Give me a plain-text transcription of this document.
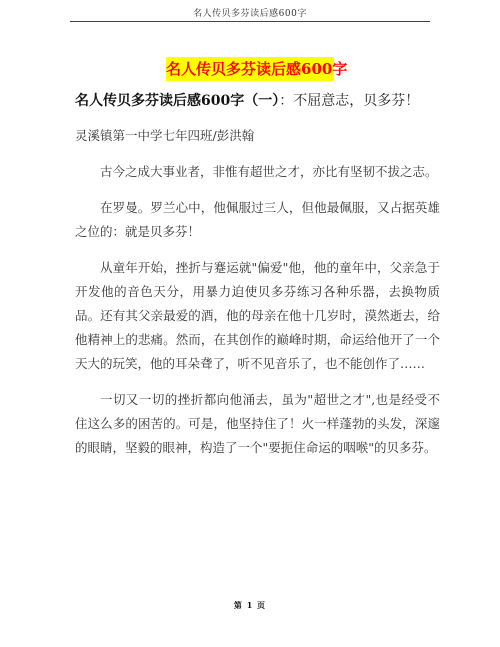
名人传贝多芬读后感600字
名人传贝多芬读后感600字

名人传贝多芬读后感600字（一）：不屈意志，贝多芬！

灵溪镇第一中学七年四班/彭洪翰

古今之成大事业者，非惟有超世之才，亦比有坚韧不拔之志。

在罗曼。罗兰心中，他佩服过三人，但他最佩服，又占据英雄之位的：就是贝多芬！

从童年开始，挫折与蹇运就"偏爱"他，他的童年中，父亲急于开发他的音色天分，用暴力迫使贝多芬练习各种乐器，去换物质品。还有其父亲最爱的酒，他的母亲在他十几岁时，漠然逝去，给他精神上的悲痛。然而，在其创作的巅峰时期，命运给他开了一个天大的玩笑，他的耳朵聋了，听不见音乐了，也不能创作了……

一切又一切的挫折都向他涌去，虽为"超世之才",也是经受不住这么多的困苦的。可是，他坚持住了！火一样蓬勃的头发，深邃的眼睛，坚毅的眼神，构造了一个"要扼住命运的咽喉"的贝多芬。

第 1 页
